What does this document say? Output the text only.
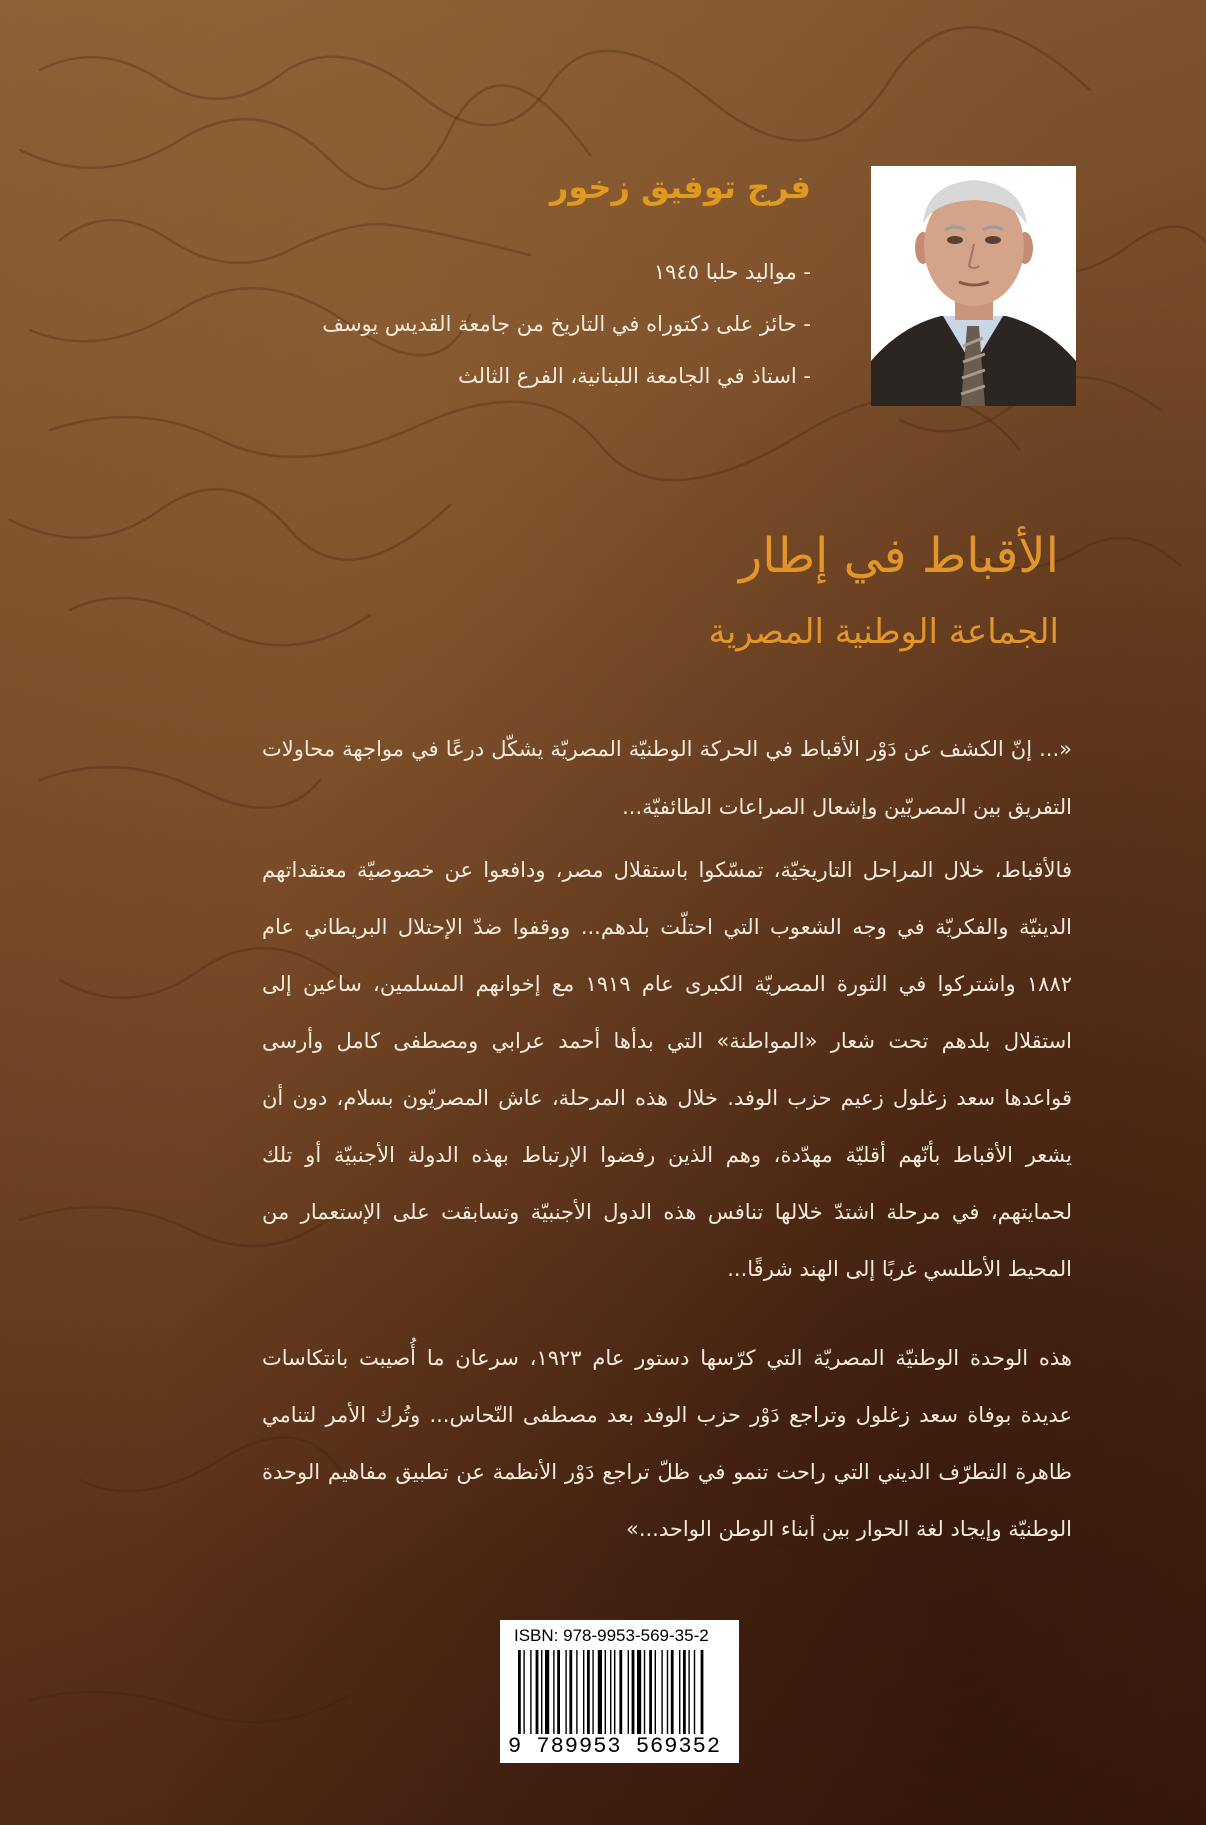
فرج توفيق زخور
- مواليد حلبا ١٩٤٥
- حائز على دكتوراه في التاريخ من جامعة القديس يوسف
- استاذ في الجامعة اللبنانية، الفرع الثالث
الأقباط في إطار
الجماعة الوطنية المصرية

«... إنّ الكشف عن دَوْر الأقباط في الحركة الوطنيّة المصريّة يشكّل درعًا في مواجهة محاولات التفريق بين المصريّين وإشعال الصراعات الطائفيّة...

فالأقباط، خلال المراحل التاريخيّة، تمسّكوا باستقلال مصر، ودافعوا عن خصوصيّة معتقداتهم الدينيّة والفكريّة في وجه الشعوب التي احتلّت بلدهم... ووقفوا ضدّ الإحتلال البريطاني عام ١٨٨٢ واشتركوا في الثورة المصريّة الكبرى عام ١٩١٩ مع إخوانهم المسلمين، ساعين إلى استقلال بلدهم تحت شعار «المواطنة» التي بدأها أحمد عرابي ومصطفى كامل وأرسى قواعدها سعد زغلول زعيم حزب الوفد. خلال هذه المرحلة، عاش المصريّون بسلام، دون أن يشعر الأقباط بأنّهم أقليّة مهدّدة، وهم الذين رفضوا الإرتباط بهذه الدولة الأجنبيّة أو تلك لحمايتهم، في مرحلة اشتدّ خلالها تنافس هذه الدول الأجنبيّة وتسابقت على الإستعمار من المحيط الأطلسي غربًا إلى الهند شرقًا...

هذه الوحدة الوطنيّة المصريّة التي كرّسها دستور عام ١٩٢٣، سرعان ما أُصيبت بانتكاسات عديدة بوفاة سعد زغلول وتراجع دَوْر حزب الوفد بعد مصطفى النّحاس... وتُرك الأمر لتنامي ظاهرة التطرّف الديني التي راحت تنمو في ظلّ تراجع دَوْر الأنظمة عن تطبيق مفاهيم الوحدة الوطنيّة وإيجاد لغة الحوار بين أبناء الوطن الواحد...»

ISBN: 978-9953-569-35-2
9 789953 569352
